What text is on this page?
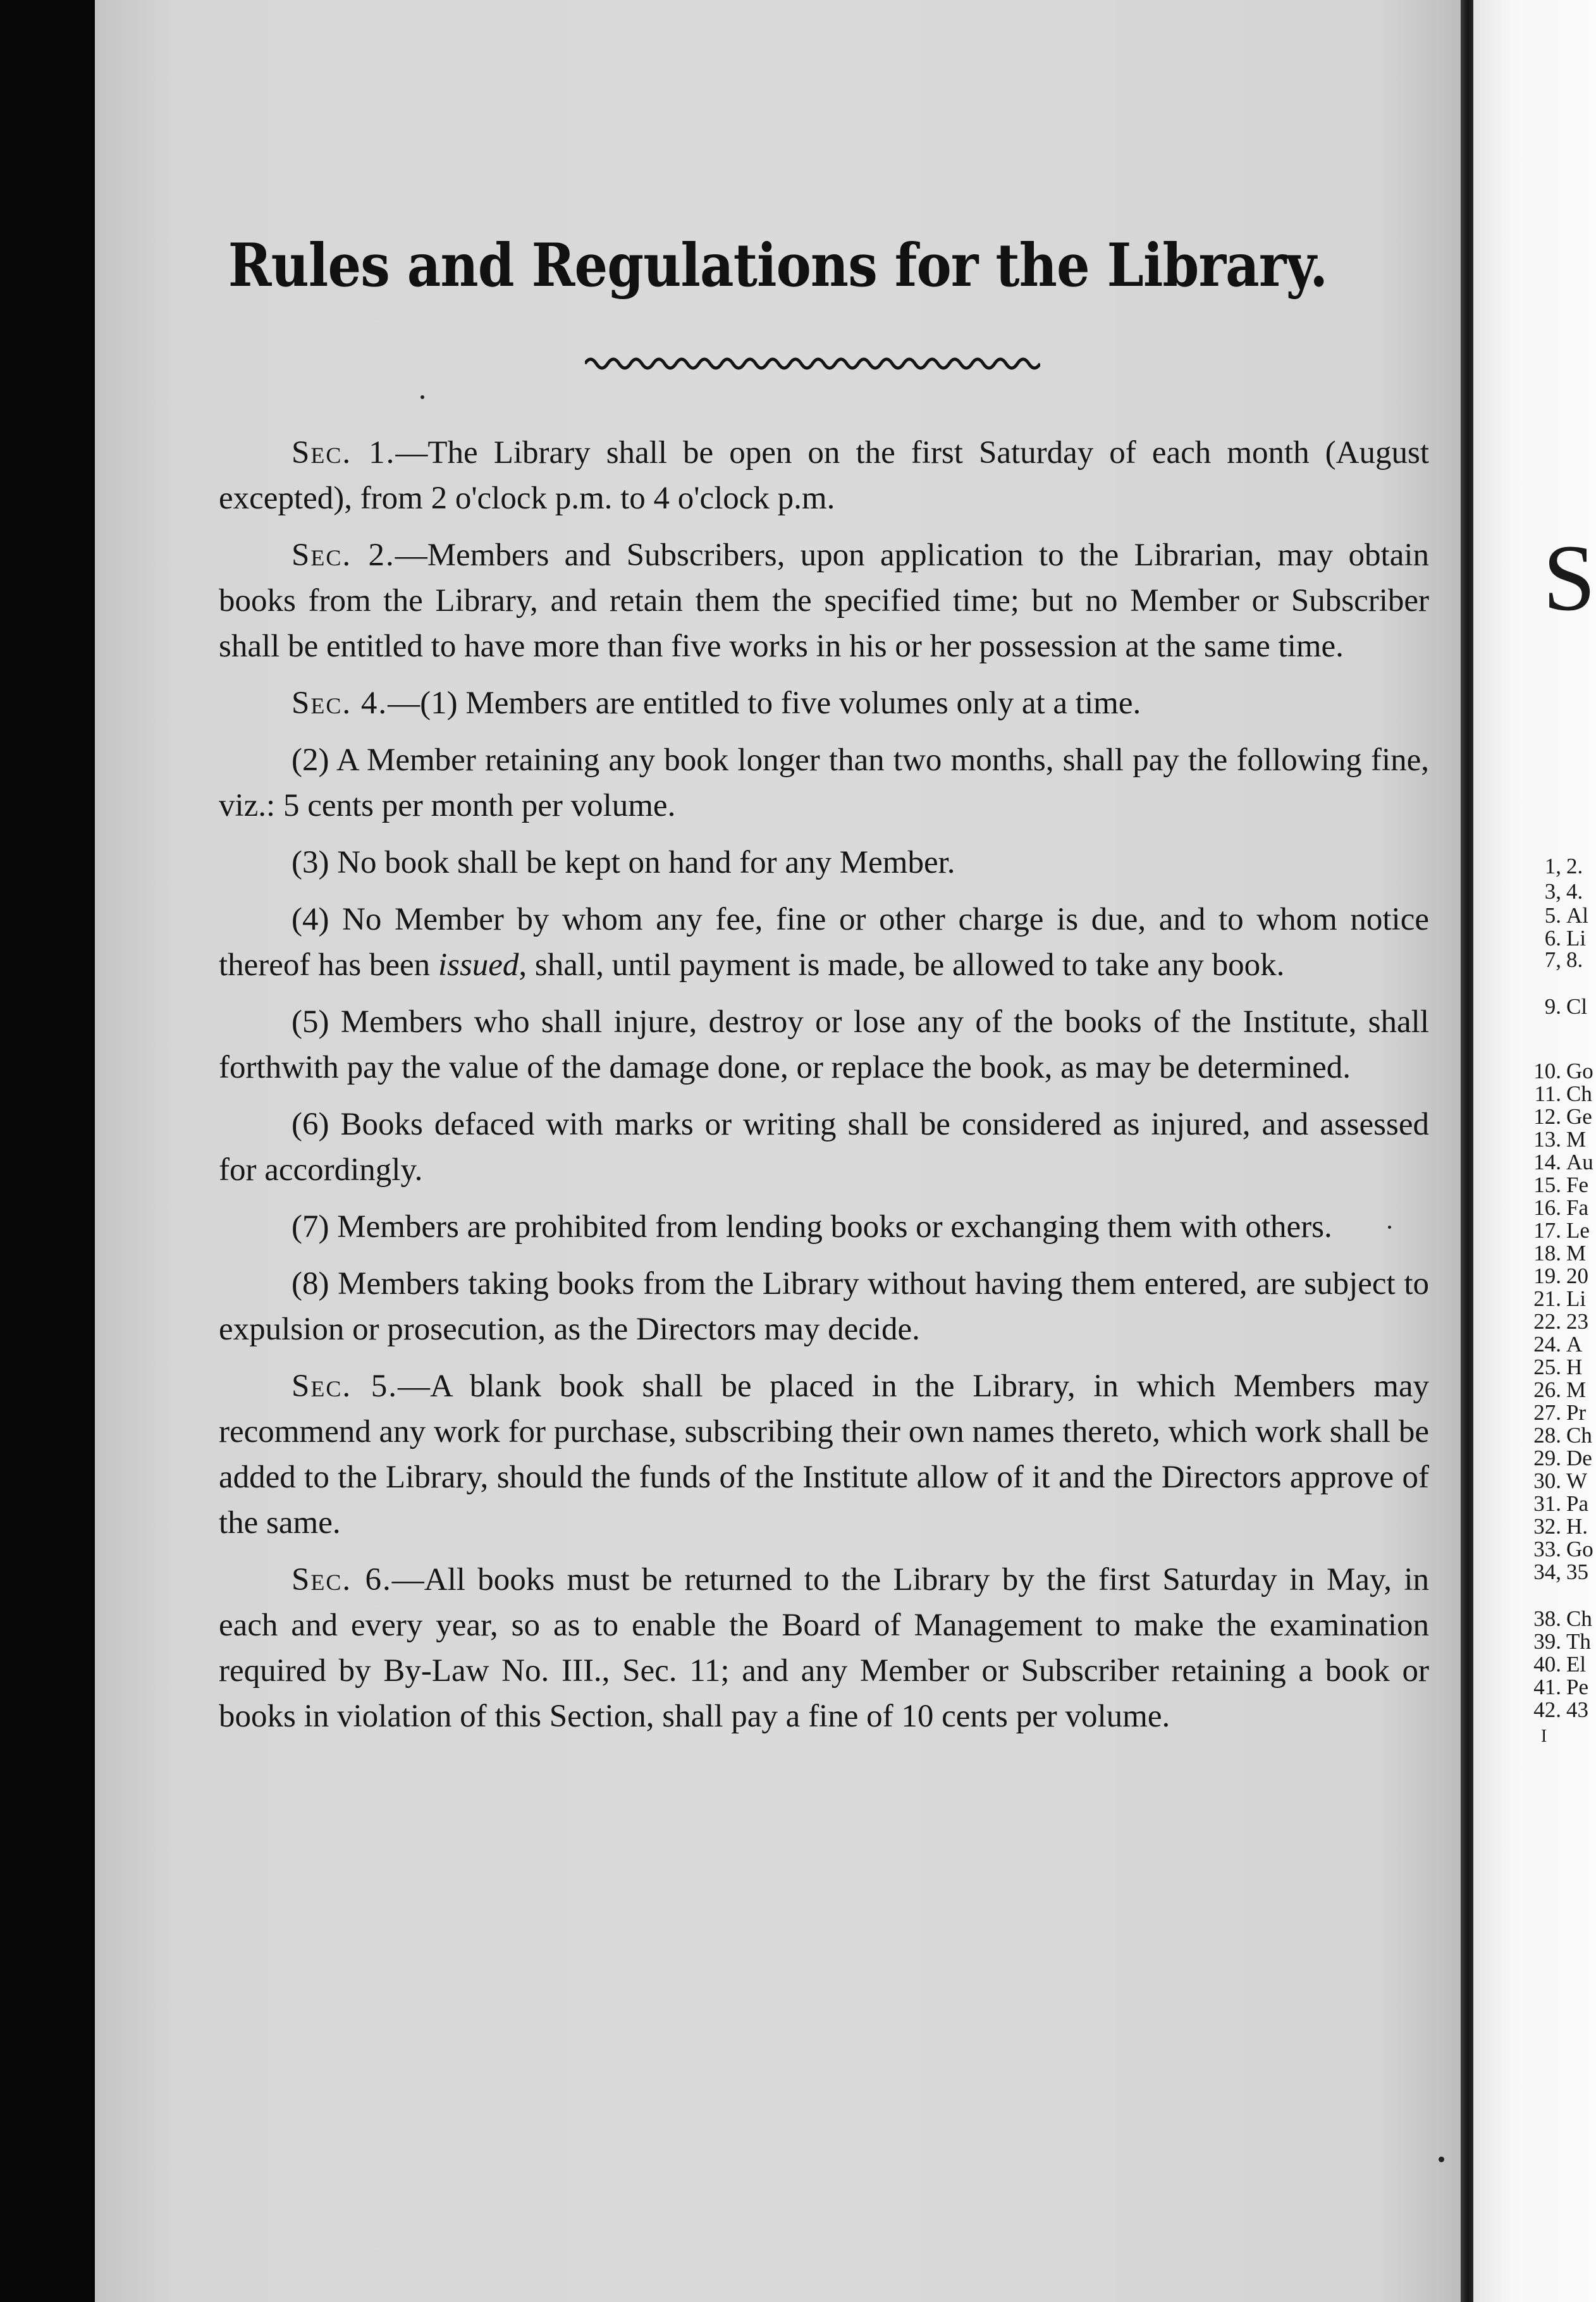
Rules and Regulations for the Library.

Sec. 1.—The Library shall be open on the first Saturday of each month (August excepted), from 2 o'clock p.m. to 4 o'clock p.m.

Sec. 2.—Members and Subscribers, upon application to the Librarian, may obtain books from the Library, and retain them the specified time; but no Member or Subscriber shall be entitled to have more than five works in his or her possession at the same time.

Sec. 4.—(1) Members are entitled to five volumes only at a time.

(2) A Member retaining any book longer than two months, shall pay the following fine, viz.: 5 cents per month per volume.

(3) No book shall be kept on hand for any Member.

(4) No Member by whom any fee, fine or other charge is due, and to whom notice thereof has been issued, shall, until payment is made, be allowed to take any book.

(5) Members who shall injure, destroy or lose any of the books of the Institute, shall forthwith pay the value of the damage done, or replace the book, as may be determined.

(6) Books defaced with marks or writing shall be considered as injured, and assessed for accordingly.

(7) Members are prohibited from lending books or exchanging them with others.

(8) Members taking books from the Library without having them entered, are subject to expulsion or prosecution, as the Directors may decide.

Sec. 5.—A blank book shall be placed in the Library, in which Members may recommend any work for purchase, subscribing their own names thereto, which work shall be added to the Library, should the funds of the Institute allow of it and the Directors approve of the same.

Sec. 6.—All books must be returned to the Library by the first Saturday in May, in each and every year, so as to enable the Board of Management to make the examination required by By-Law No. III., Sec. 11; and any Member or Subscriber retaining a book or books in violation of this Section, shall pay a fine of 10 cents per volume.

S
1, 2.
3, 4.
5. Al
6. Li
7, 8.
9. Cl
10. Go
11. Ch
12. Ge
13. M
14. Au
15. Fe
16. Fa
17. Le
18. M
19. 20
21. Li
22. 23
24. A
25. H
26. M
27. Pr
28. Ch
29. De
30. W
31. Pa
32. H.
33. Go
34, 35
38. Ch
39. Th
40. El
41. Pe
42. 43
I
